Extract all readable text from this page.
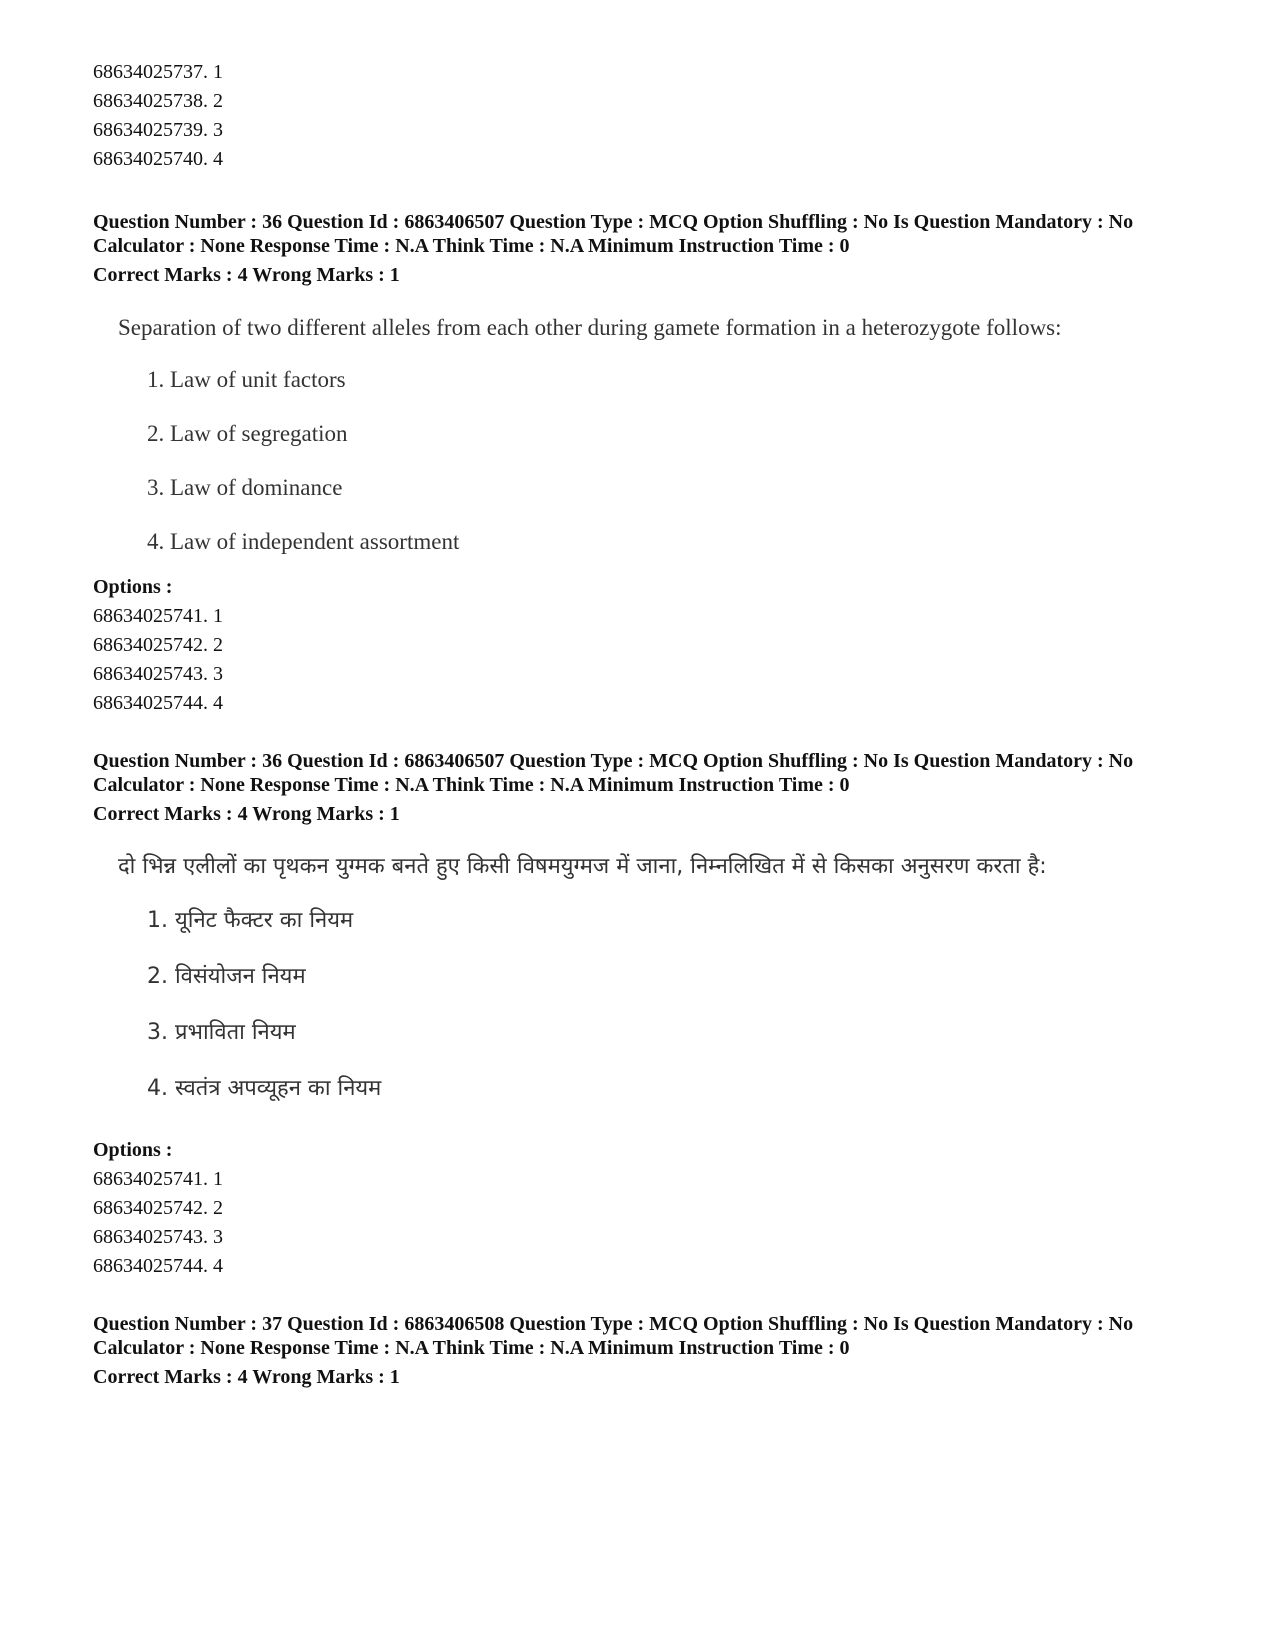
68634025737. 1
68634025738. 2
68634025739. 3
68634025740. 4
Question Number : 36 Question Id : 6863406507 Question Type : MCQ Option Shuffling : No Is Question Mandatory : No Calculator : None Response Time : N.A Think Time : N.A Minimum Instruction Time : 0
Correct Marks : 4 Wrong Marks : 1
Separation of two different alleles from each other during gamete formation in a heterozygote follows:
1. Law of unit factors
2. Law of segregation
3. Law of dominance
4. Law of independent assortment
Options :
68634025741. 1
68634025742. 2
68634025743. 3
68634025744. 4
Question Number : 36 Question Id : 6863406507 Question Type : MCQ Option Shuffling : No Is Question Mandatory : No Calculator : None Response Time : N.A Think Time : N.A Minimum Instruction Time : 0
Correct Marks : 4 Wrong Marks : 1
दो भिन्न एलीलों का पृथकन युग्मक बनते हुए किसी विषमयुग्मज में जाना, निम्नलिखित में से किसका अनुसरण करता है:
1. यूनिट फैक्टर का नियम
2. विसंयोजन नियम
3. प्रभाविता नियम
4. स्वतंत्र अपव्यूहन का नियम
Options :
68634025741. 1
68634025742. 2
68634025743. 3
68634025744. 4
Question Number : 37 Question Id : 6863406508 Question Type : MCQ Option Shuffling : No Is Question Mandatory : No Calculator : None Response Time : N.A Think Time : N.A Minimum Instruction Time : 0
Correct Marks : 4 Wrong Marks : 1
